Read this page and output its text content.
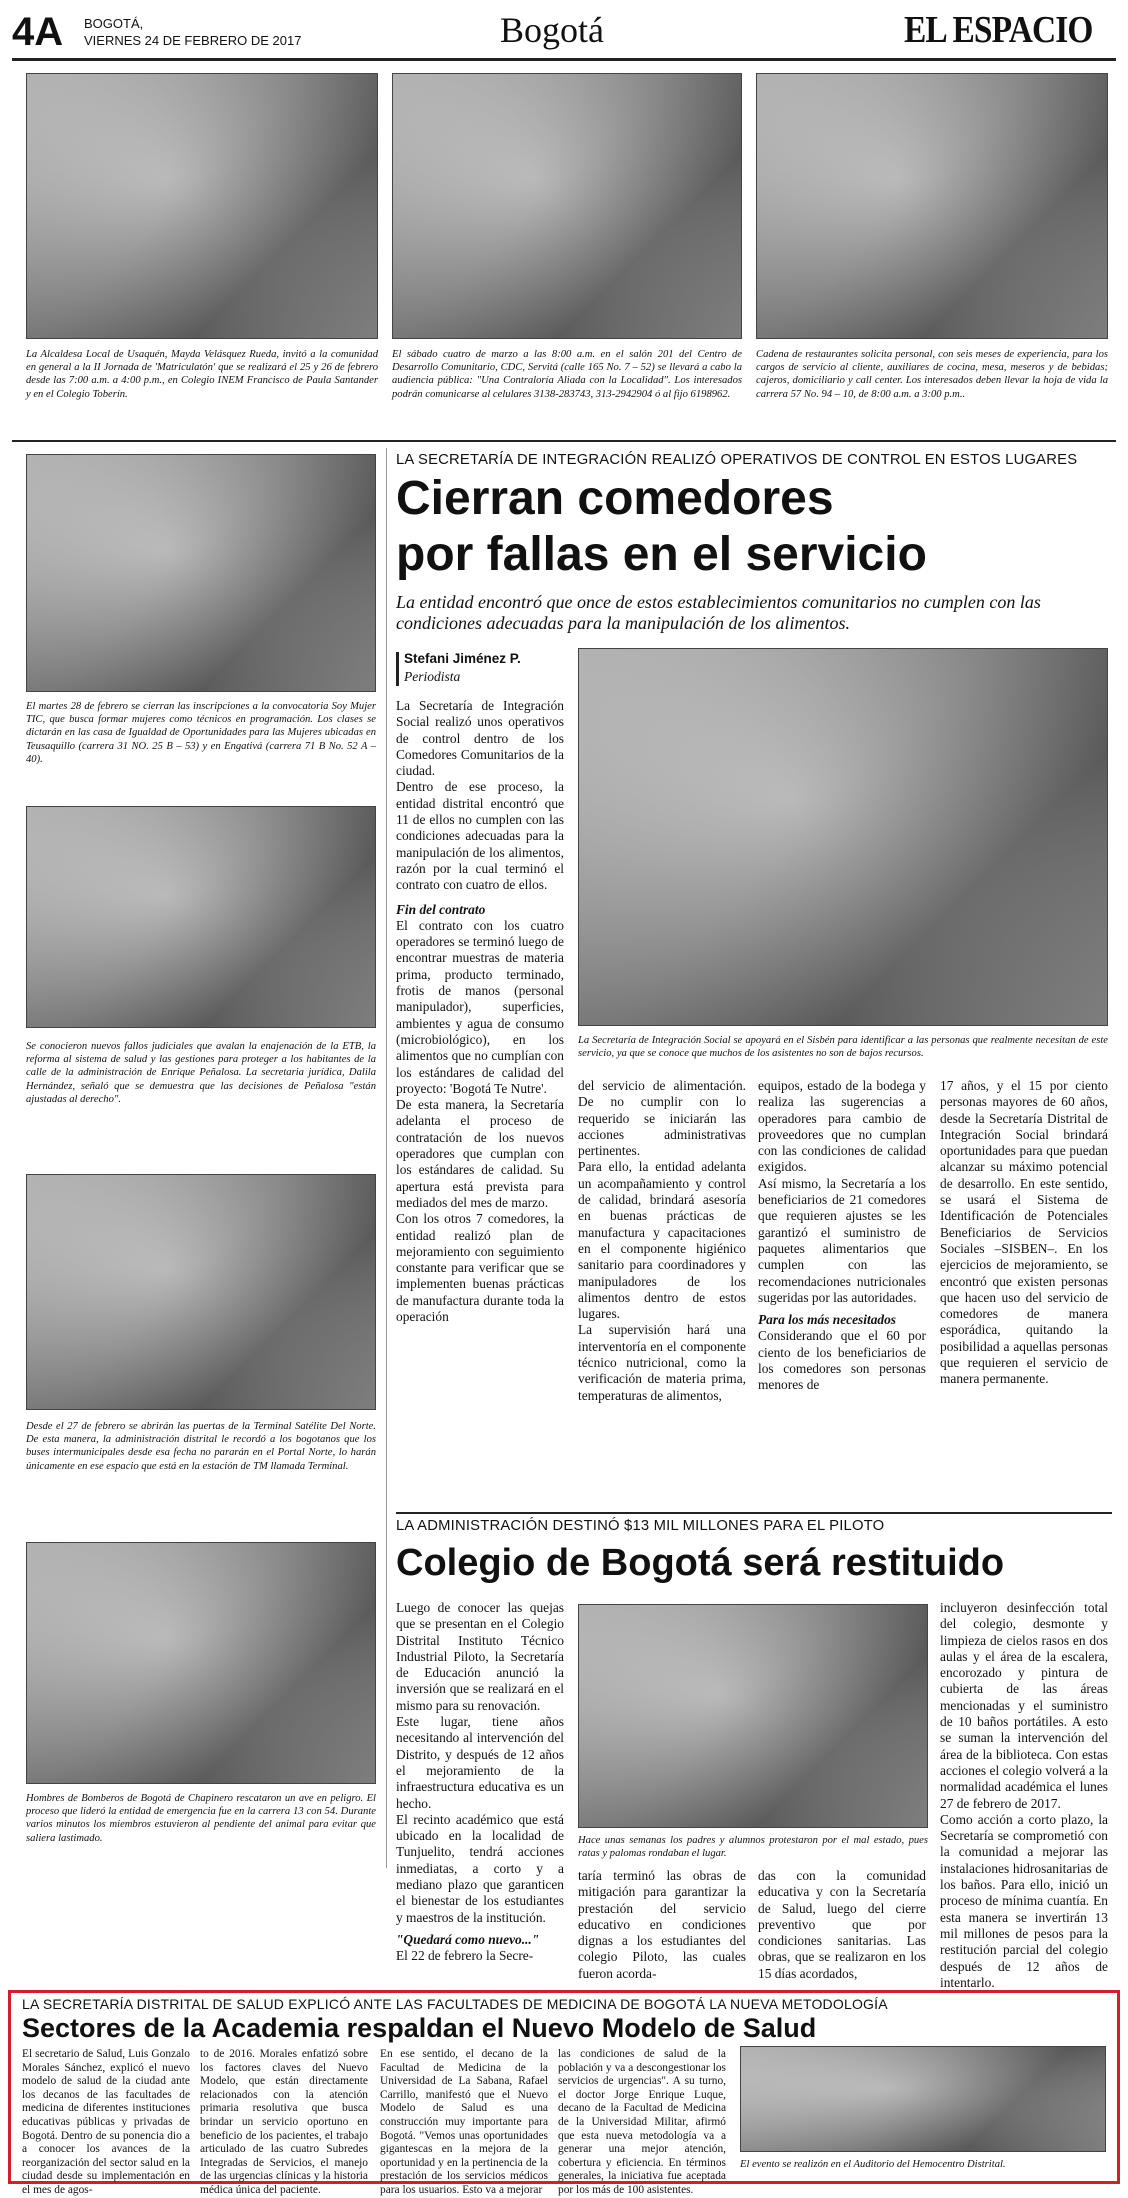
4A BOGOTÁ,
VIERNES 24 DE FEBRERO DE 2017	Bogotá	EL ESPACIO
La Alcaldesa Local de Usaquén, Mayda Velásquez Rueda, invitó a la comunidad en general a la II Jornada de 'Matriculatón' que se realizará el 25 y 26 de febrero desde las 7:00 a.m. a 4:00 p.m., en Colegio INEM Francisco de Paula Santander y en el Colegio Toberín.
El sábado cuatro de marzo a las 8:00 a.m. en el salón 201 del Centro de Desarrollo Comunitario, CDC, Servitá (calle 165 No. 7 – 52) se llevará a cabo la audiencia pública: "Una Contraloría Aliada con la Localidad". Los interesados podrán comunicarse al celulares 3138-283743, 313-2942904 ó al fijo 6198962.
Cadena de restaurantes solicita personal, con seis meses de experiencia, para los cargos de servicio al cliente, auxiliares de cocina, mesa, meseros y de bebidas; cajeros, domiciliario y call center. Los interesados deben llevar la hoja de vida la carrera 57 No. 94 – 10, de 8:00 a.m. a 3:00 p.m..
El martes 28 de febrero se cierran las inscripciones a la convocatoria Soy Mujer TIC, que busca formar mujeres como técnicos en programación. Los clases se dictarán en las casa de Igualdad de Oportunidades para las Mujeres ubicadas en Teusaquillo (carrera 31 NO. 25 B – 53) y en Engativá (carrera 71 B No. 52 A – 40).
Se conocieron nuevos fallos judiciales que avalan la enajenación de la ETB, la reforma al sistema de salud y las gestiones para proteger a los habitantes de la calle de la administración de Enrique Peñalosa. La secretaria jurídica, Dalila Hernández, señaló que se demuestra que las decisiones de Peñalosa "están ajustadas al derecho".
Desde el 27 de febrero se abrirán las puertas de la Terminal Satélite Del Norte. De esta manera, la administración distrital le recordó a los bogotanos que los buses intermunicipales desde esa fecha no pararán en el Portal Norte, lo harán únicamente en ese espacio que está en la estación de TM llamada Terminal.
Hombres de Bomberos de Bogotá de Chapinero rescataron un ave en peligro. El proceso que lideró la entidad de emergencia fue en la carrera 13 con 54. Durante varios minutos los miembros estuvieron al pendiente del animal para evitar que saliera lastimado.
LA SECRETARÍA DE INTEGRACIÓN REALIZÓ OPERATIVOS DE CONTROL EN ESTOS LUGARES
Cierran comedores
por fallas en el servicio
La entidad encontró que once de estos establecimientos comunitarios no cumplen con las condiciones adecuadas para la manipulación de los alimentos.
Stefani Jiménez P.
Periodista

La Secretaría de Integración Social realizó unos operativos de control dentro de los Comedores Comunitarios de la ciudad.

Dentro de ese proceso, la entidad distrital encontró que 11 de ellos no cumplen con las condiciones adecuadas para la manipulación de los alimentos, razón por la cual terminó el contrato con cuatro de ellos.

Fin del contrato

El contrato con los cuatro operadores se terminó luego de encontrar muestras de materia prima, producto terminado, frotis de manos (personal manipulador), superficies, ambientes y agua de consumo (microbiológico), en los alimentos que no cumplían con los estándares de calidad del proyecto: 'Bogotá Te Nutre'.

De esta manera, la Secretaría adelanta el proceso de contratación de los nuevos operadores que cumplan con los estándares de calidad. Su apertura está prevista para mediados del mes de marzo.

Con los otros 7 comedores, la entidad realizó plan de mejoramiento con seguimiento constante para verificar que se implementen buenas prácticas de manufactura durante toda la operación

La Secretaría de Integración Social se apoyará en el Sisbén para identificar a las personas que realmente necesitan de este servicio, ya que se conoce que muchos de los asistentes no son de bajos recursos.

del servicio de alimentación. De no cumplir con lo requerido se iniciarán las acciones administrativas pertinentes.

Para ello, la entidad adelanta un acompañamiento y control de calidad, brindará asesoría en buenas prácticas de manufactura y capacitaciones en el componente higiénico sanitario para coordinadores y manipuladores de los alimentos dentro de estos lugares.

La supervisión hará una interventoría en el componente técnico nutricional, como la verificación de materia prima, temperaturas de alimentos,

equipos, estado de la bodega y realiza las sugerencias a operadores para cambio de proveedores que no cumplan con las condiciones de calidad exigidos.

Así mismo, la Secretaría a los beneficiarios de 21 comedores que requieren ajustes se les garantizó el suministro de paquetes alimentarios que cumplen con las recomendaciones nutricionales sugeridas por las autoridades.

Para los más necesitados

Considerando que el 60 por ciento de los beneficiarios de los comedores son personas menores de

17 años, y el 15 por ciento personas mayores de 60 años, desde la Secretaría Distrital de Integración Social brindará oportunidades para que puedan alcanzar su máximo potencial de desarrollo. En este sentido, se usará el Sistema de Identificación de Potenciales Beneficiarios de Servicios Sociales –SISBEN–. En los ejercicios de mejoramiento, se encontró que existen personas que hacen uso del servicio de comedores de manera esporádica, quitando la posibilidad a aquellas personas que requieren el servicio de manera permanente.

LA ADMINISTRACIÓN DESTINÓ $13 MIL MILLONES PARA EL PILOTO
Colegio de Bogotá será restituido

Luego de conocer las quejas que se presentan en el Colegio Distrital Instituto Técnico Industrial Piloto, la Secretaría de Educación anunció la inversión que se realizará en el mismo para su renovación.

Este lugar, tiene años necesitando al intervención del Distrito, y después de 12 años el mejoramiento de la infraestructura educativa es un hecho.

El recinto académico que está ubicado en la localidad de Tunjuelito, tendrá acciones inmediatas, a corto y a mediano plazo que garanticen el bienestar de los estudiantes y maestros de la institución.

"Quedará como nuevo..."

El 22 de febrero la Secre-

Hace unas semanas los padres y alumnos protestaron por el mal estado, pues ratas y palomas rondaban el lugar.

taría terminó las obras de mitigación para garantizar la prestación del servicio educativo en condiciones dignas a los estudiantes del colegio Piloto, las cuales fueron acorda-

das con la comunidad educativa y con la Secretaría de Salud, luego del cierre preventivo que por condiciones sanitarias. Las obras, que se realizaron en los 15 días acordados,

incluyeron desinfección total del colegio, desmonte y limpieza de cielos rasos en dos aulas y el área de la escalera, encorozado y pintura de cubierta de las áreas mencionadas y el suministro de 10 baños portátiles. A esto se suman la intervención del área de la biblioteca. Con estas acciones el colegio volverá a la normalidad académica el lunes 27 de febrero de 2017.

Como acción a corto plazo, la Secretaría se comprometió con la comunidad a mejorar las instalaciones hidrosanitarias de los baños. Para ello, inició un proceso de mínima cuantía. En esta manera se invertirán 13 mil millones de pesos para la restitución parcial del colegio después de 12 años de intentarlo.

LA SECRETARÍA DISTRITAL DE SALUD EXPLICÓ ANTE LAS FACULTADES DE MEDICINA DE BOGOTÁ LA NUEVA METODOLOGÍA
Sectores de la Academia respaldan el Nuevo Modelo de Salud

El secretario de Salud, Luis Gonzalo Morales Sánchez, explicó el nuevo modelo de salud de la ciudad ante los decanos de las facultades de medicina de diferentes instituciones educativas públicas y privadas de Bogotá. Dentro de su ponencia dio a a conocer los avances de la reorganización del sector salud en la ciudad desde su implementación en el mes de agos-

to de 2016. Morales enfatizó sobre los factores claves del Nuevo Modelo, que están directamente relacionados con la atención primaria resolutiva que busca brindar un servicio oportuno en beneficio de los pacientes, el trabajo articulado de las cuatro Subredes Integradas de Servicios, el manejo de las urgencias clínicas y la historia médica única del paciente.

En ese sentido, el decano de la Facultad de Medicina de la Universidad de La Sabana, Rafael Carrillo, manifestó que el Nuevo Modelo de Salud es una construcción muy importante para Bogotá. "Vemos unas oportunidades gigantescas en la mejora de la oportunidad y en la pertinencia de la prestación de los servicios médicos para los usuarios. Esto va a mejorar

las condiciones de salud de la población y va a descongestionar los servicios de urgencias". A su turno, el doctor Jorge Enrique Luque, decano de la Facultad de Medicina de la Universidad Militar, afirmó que esta nueva metodología va a generar una mejor atención, cobertura y eficiencia. En términos generales, la iniciativa fue aceptada por los más de 100 asistentes.

El evento se realizón en el Auditorio del Hemocentro Distrital.
